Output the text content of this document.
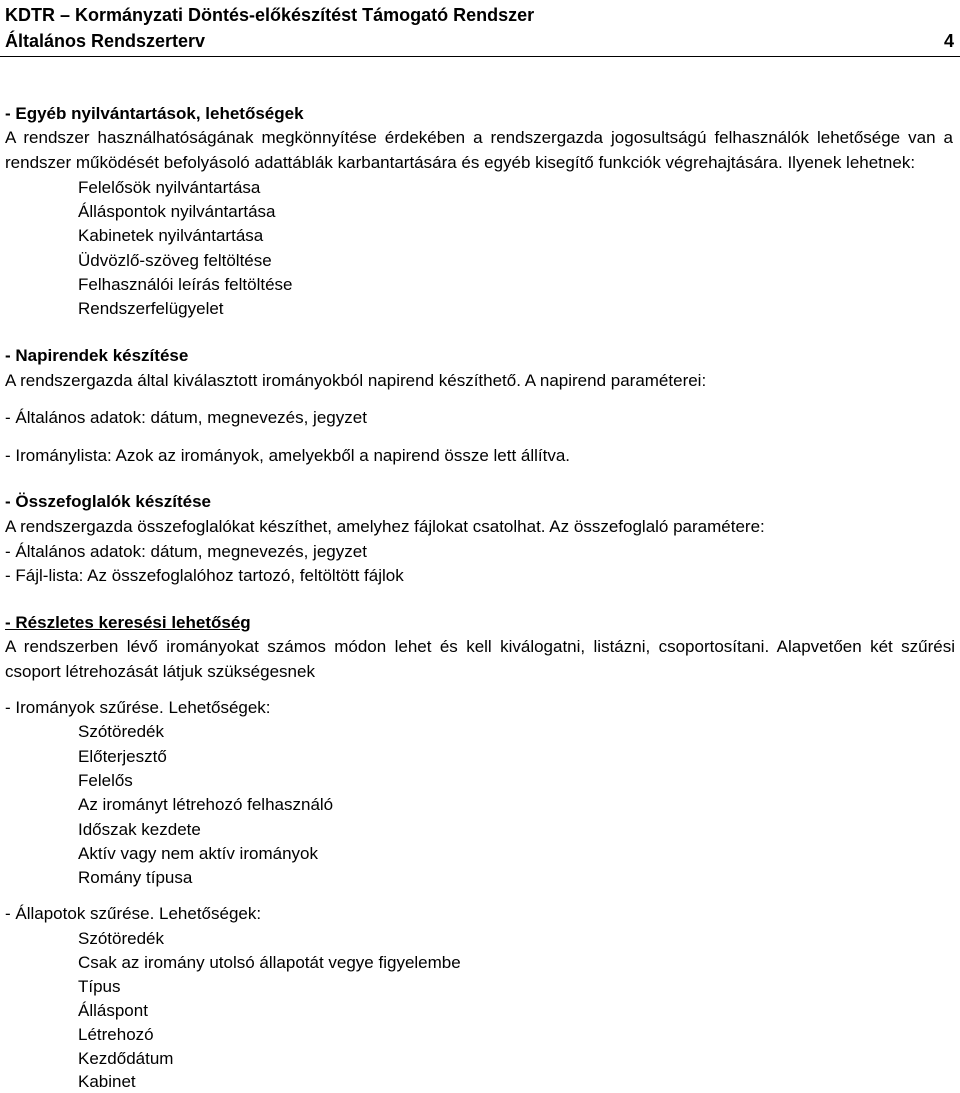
KDTR – Kormányzati Döntés-előkészítést Támogató Rendszer
Általános Rendszerterv	4
- Egyéb nyilvántartások, lehetőségek
A rendszer használhatóságának megkönnyítése érdekében a rendszergazda jogosultságú felhasználók lehetősége van a
rendszer működését befolyásoló adattáblák karbantartására és egyéb kisegítő funkciók végrehajtására. Ilyenek lehetnek:
Felelősök nyilvántartása
Álláspontok nyilvántartása
Kabinetek nyilvántartása
Üdvözlő-szöveg feltöltése
Felhasználói leírás feltöltése
Rendszerfelügyelet
- Napirendek készítése
A rendszergazda által kiválasztott irományokból napirend készíthető. A napirend paraméterei:
- Általános adatok: dátum, megnevezés, jegyzet
- Irománylista: Azok az irományok, amelyekből a napirend össze lett állítva.
- Összefoglalók készítése
A rendszergazda összefoglalókat készíthet, amelyhez fájlokat csatolhat. Az összefoglaló paramétere:
- Általános adatok: dátum, megnevezés, jegyzet
- Fájl-lista: Az összefoglalóhoz tartozó, feltöltött fájlok
- Részletes keresési lehetőség
A rendszerben lévő irományokat számos módon lehet és kell kiválogatni, listázni, csoportosítani. Alapvetően két szűrési
csoport létrehozását látjuk szükségesnek
- Irományok szűrése. Lehetőségek:
Szótöredék
Előterjesztő
Felelős
Az irományt létrehozó felhasználó
Időszak kezdete
Aktív vagy nem aktív irományok
Romány típusa
- Állapotok szűrése. Lehetőségek:
Szótöredék
Csak az iromány utolsó állapotát vegye figyelembe
Típus
Álláspont
Létrehozó
Kezdődátum
Kabinet
